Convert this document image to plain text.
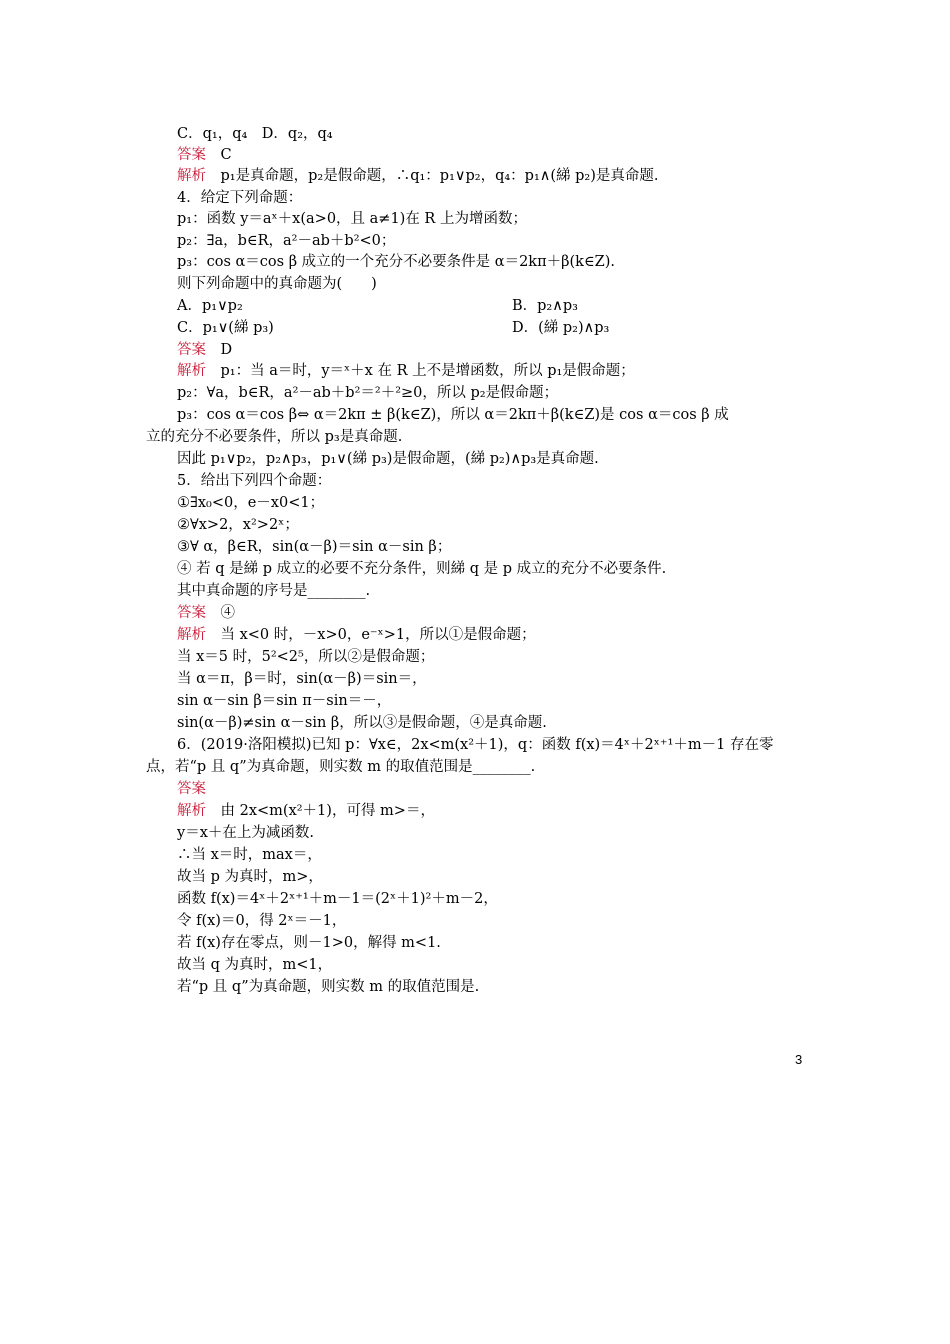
C．q₁，q₄　D．q₂，q₄
答案　C
解析　p₁是真命题，p₂是假命题，∴q₁：p₁∨p₂，q₄：p₁∧(綈 p₂)是真命题.
4．给定下列命题：
p₁：函数 y＝aˣ＋x(a>0，且 a≠1)在 R 上为增函数；
p₂：∃a，b∈R，a²－ab＋b²<0；
p₃：cos α＝cos β 成立的一个充分不必要条件是 α＝2kπ＋β(k∈Z).
则下列命题中的真命题为(　　)
A．p₁∨p₂	B．p₂∧p₃
C．p₁∨(綈 p₃)	D．(綈 p₂)∧p₃
答案　D
解析　p₁：当 a＝时，y＝ˣ＋x 在 R 上不是增函数，所以 p₁是假命题；
p₂：∀a，b∈R，a²－ab＋b²＝²＋²≥0，所以 p₂是假命题；
p₃：cos α＝cos β⇔ α＝2kπ ± β(k∈Z)，所以 α＝2kπ＋β(k∈Z)是 cos α＝cos β 成
立的充分不必要条件，所以 p₃是真命题.
因此 p₁∨p₂，p₂∧p₃，p₁∨(綈 p₃)是假命题，(綈 p₂)∧p₃是真命题.
5．给出下列四个命题：
①∃x₀<0，e－x0<1；
②∀x>2，x²>2ˣ；
③∀ α，β∈R，sin(α－β)＝sin α－sin β；
④ 若 q 是綈 p 成立的必要不充分条件，则綈 q 是 p 成立的充分不必要条件.
其中真命题的序号是________.
答案　④
解析　当 x<0 时，－x>0，e⁻ˣ>1，所以①是假命题；
当 x＝5 时，5²<2⁵，所以②是假命题；
当 α＝π，β＝时，sin(α－β)＝sin＝，
sin α－sin β＝sin π－sin＝－，
sin(α－β)≠sin α－sin β，所以③是假命题，④是真命题.
6．(2019·洛阳模拟)已知 p：∀x∈，2x<m(x²＋1)，q：函数 f(x)＝4ˣ＋2ˣ⁺¹＋m－1 存在零
点，若“p 且 q”为真命题，则实数 m 的取值范围是________.
答案
解析　由 2x<m(x²＋1)，可得 m>＝，
y＝x＋在上为减函数.
∴当 x＝时，max＝，
故当 p 为真时，m>，
函数 f(x)＝4ˣ＋2ˣ⁺¹＋m－1＝(2ˣ＋1)²＋m－2，
令 f(x)＝0，得 2ˣ＝－1，
若 f(x)存在零点，则－1>0，解得 m<1.
故当 q 为真时，m<1，
若“p 且 q”为真命题，则实数 m 的取值范围是.
3
